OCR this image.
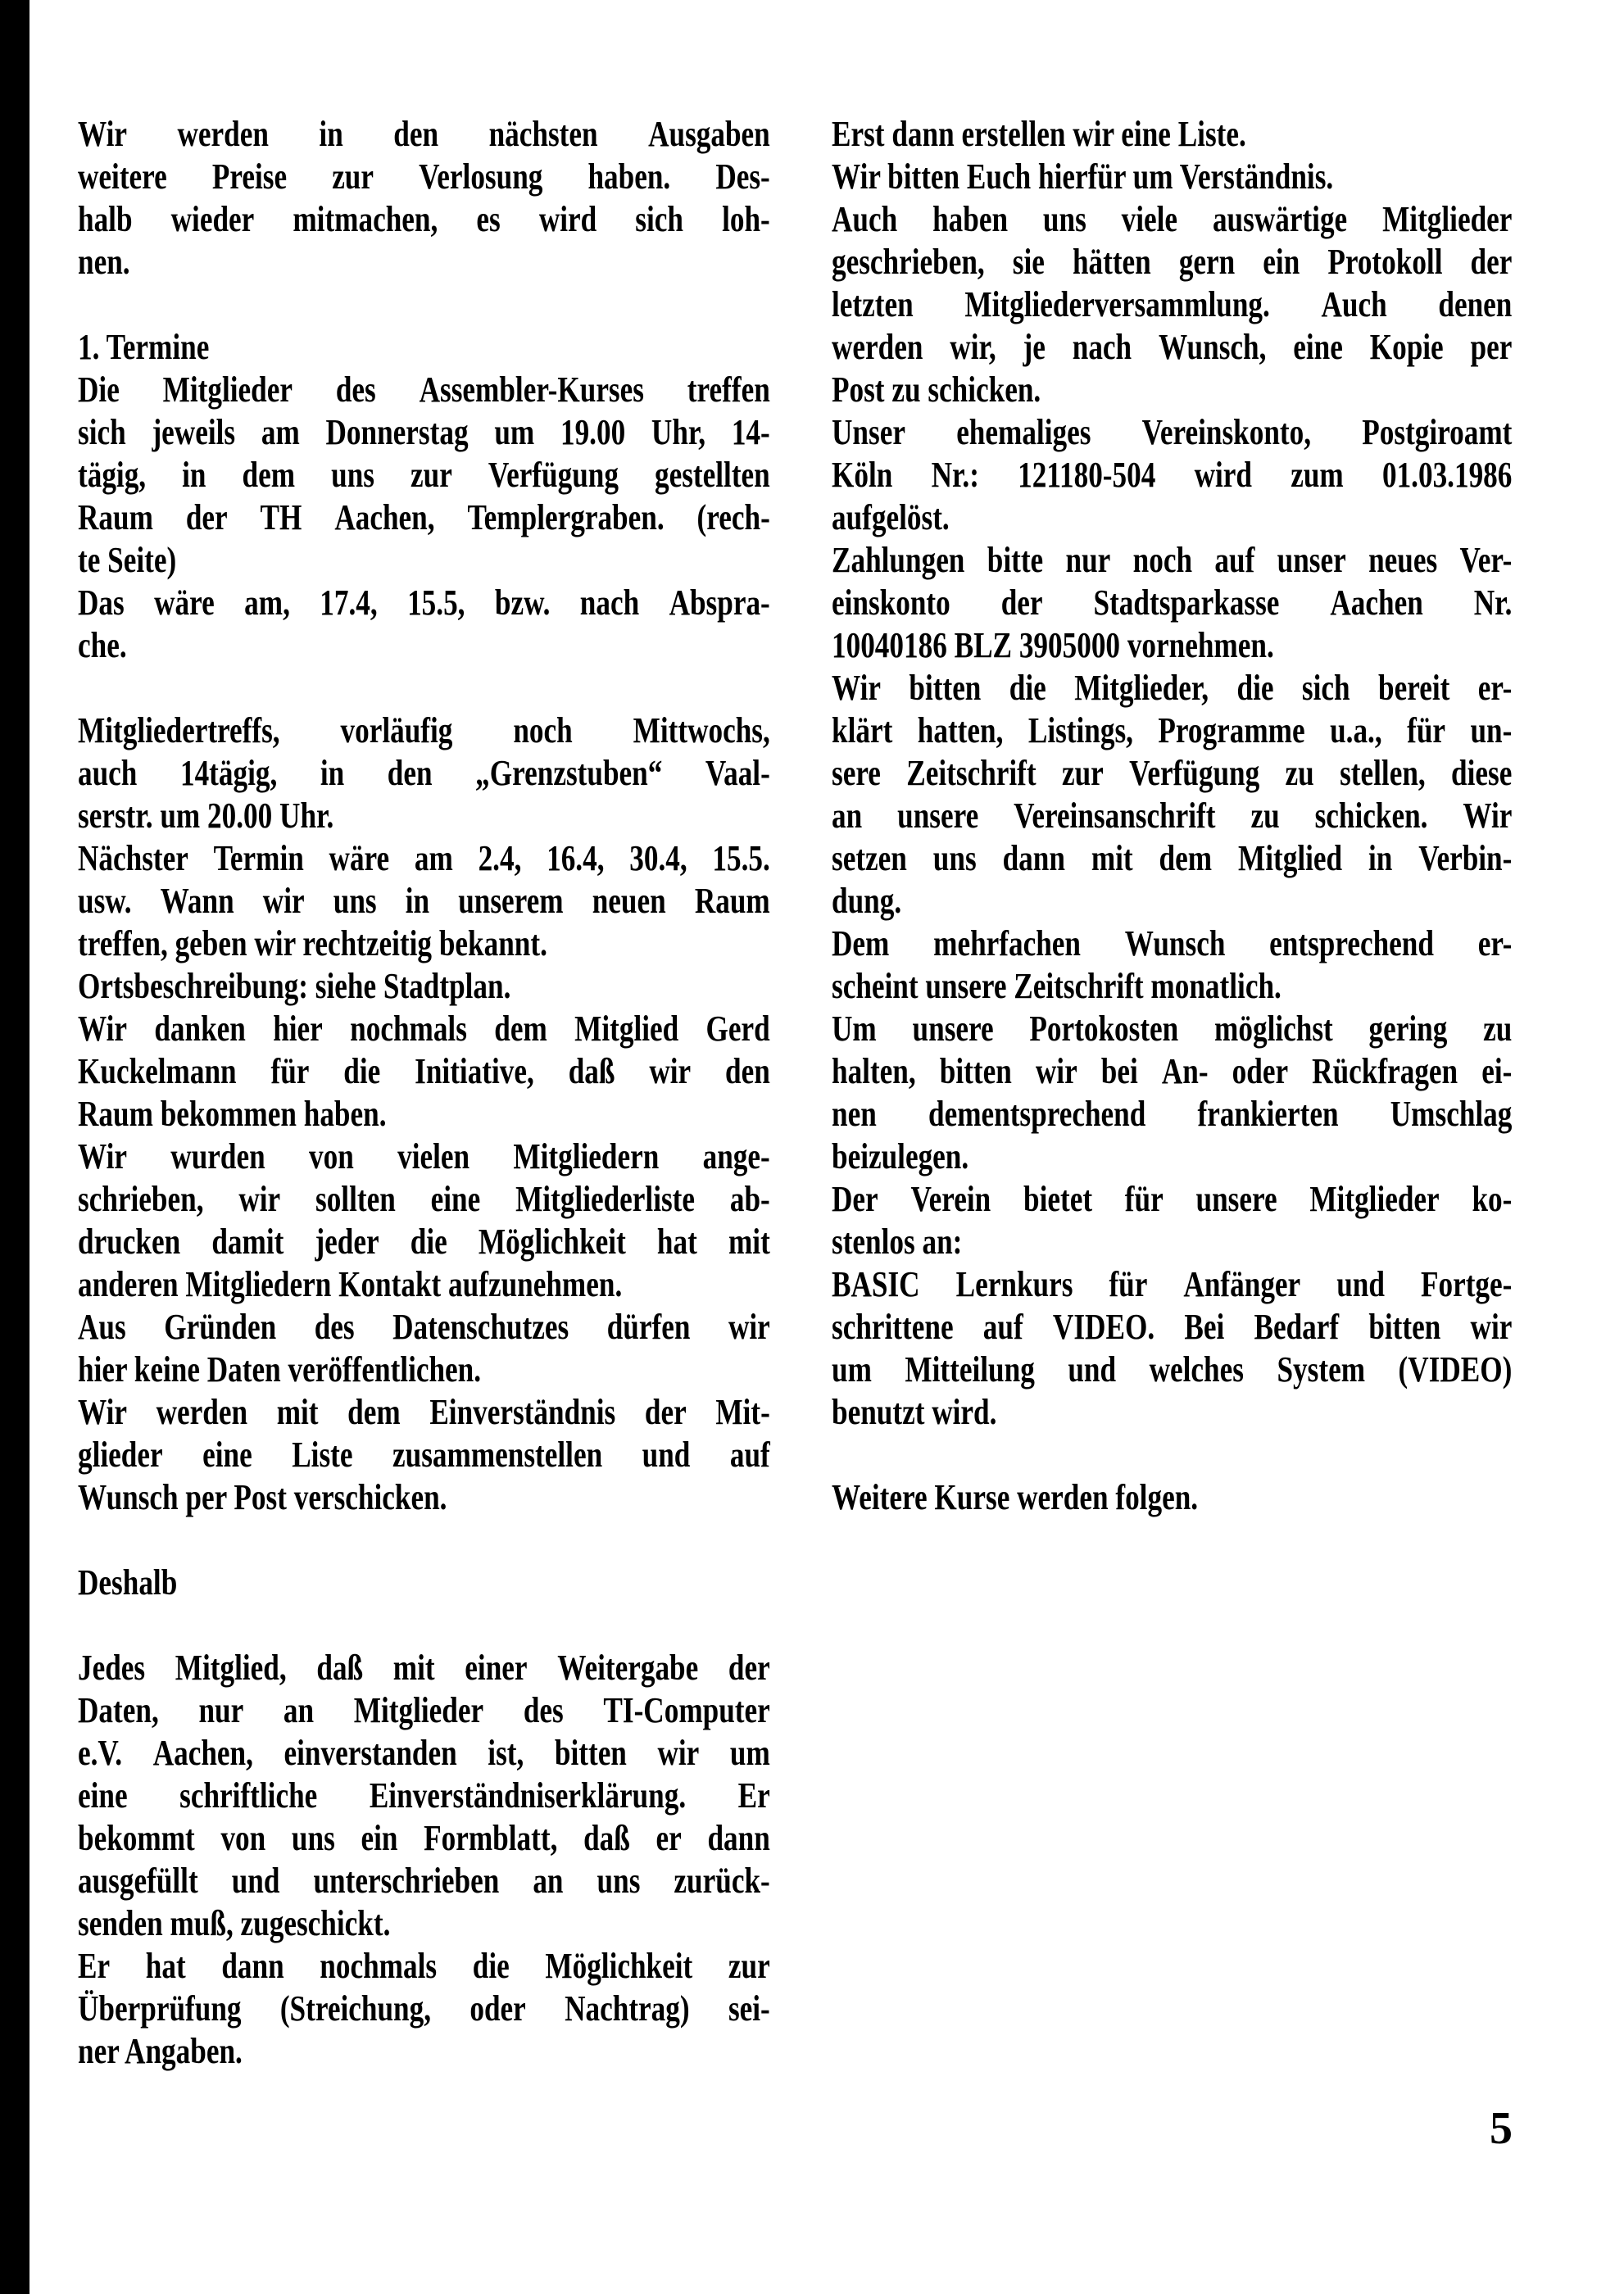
Wir werden in den nächsten Ausgaben
weitere Preise zur Verlosung haben. Des-
halb wieder mitmachen, es wird sich loh-
nen.
1. Termine
Die Mitglieder des Assembler-Kurses treffen
sich jeweils am Donnerstag um 19.00 Uhr, 14-
tägig, in dem uns zur Verfügung gestellten
Raum der TH Aachen, Templergraben. (rech-
te Seite)
Das wäre am, 17.4, 15.5, bzw. nach Abspra-
che.
Mitgliedertreffs, vorläufig noch Mittwochs,
auch 14tägig, in den „Grenzstuben“ Vaal-
serstr. um 20.00 Uhr.
Nächster Termin wäre am 2.4, 16.4, 30.4, 15.5.
usw. Wann wir uns in unserem neuen Raum
treffen, geben wir rechtzeitig bekannt.
Ortsbeschreibung: siehe Stadtplan.
Wir danken hier nochmals dem Mitglied Gerd
Kuckelmann für die Initiative, daß wir den
Raum bekommen haben.
Wir wurden von vielen Mitgliedern ange-
schrieben, wir sollten eine Mitgliederliste ab-
drucken damit jeder die Möglichkeit hat mit
anderen Mitgliedern Kontakt aufzunehmen.
Aus Gründen des Datenschutzes dürfen wir
hier keine Daten veröffentlichen.
Wir werden mit dem Einverständnis der Mit-
glieder eine Liste zusammenstellen und auf
Wunsch per Post verschicken.
Deshalb
Jedes Mitglied, daß mit einer Weitergabe der
Daten, nur an Mitglieder des TI-Computer
e.V. Aachen, einverstanden ist, bitten wir um
eine schriftliche Einverständniserklärung. Er
bekommt von uns ein Formblatt, daß er dann
ausgefüllt und unterschrieben an uns zurück-
senden muß, zugeschickt.
Er hat dann nochmals die Möglichkeit zur
Überprüfung (Streichung, oder Nachtrag) sei-
ner Angaben.
Erst dann erstellen wir eine Liste.
Wir bitten Euch hierfür um Verständnis.
Auch haben uns viele auswärtige Mitglieder
geschrieben, sie hätten gern ein Protokoll der
letzten Mitgliederversammlung. Auch denen
werden wir, je nach Wunsch, eine Kopie per
Post zu schicken.
Unser ehemaliges Vereinskonto, Postgiroamt
Köln Nr.: 121180-504 wird zum 01.03.1986
aufgelöst.
Zahlungen bitte nur noch auf unser neues Ver-
einskonto der Stadtsparkasse Aachen Nr.
10040186 BLZ 3905000 vornehmen.
Wir bitten die Mitglieder, die sich bereit er-
klärt hatten, Listings, Programme u.a., für un-
sere Zeitschrift zur Verfügung zu stellen, diese
an unsere Vereinsanschrift zu schicken. Wir
setzen uns dann mit dem Mitglied in Verbin-
dung.
Dem mehrfachen Wunsch entsprechend er-
scheint unsere Zeitschrift monatlich.
Um unsere Portokosten möglichst gering zu
halten, bitten wir bei An- oder Rückfragen ei-
nen dementsprechend frankierten Umschlag
beizulegen.
Der Verein bietet für unsere Mitglieder ko-
stenlos an:
BASIC Lernkurs für Anfänger und Fortge-
schrittene auf VIDEO. Bei Bedarf bitten wir
um Mitteilung und welches System (VIDEO)
benutzt wird.
Weitere Kurse werden folgen.
5
